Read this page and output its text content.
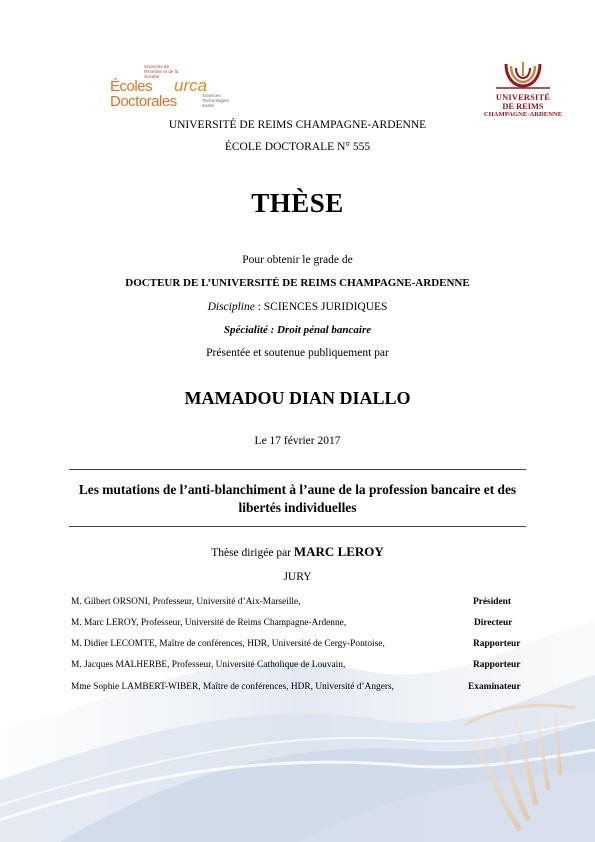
Sciences de l'Homme et de la Société
Écoles
Doctorales
urca
Sciences Technologies Santé
UNIVERSITÉ
DE REIMS
CHAMPAGNE-ARDENNE
UNIVERSITÉ DE REIMS CHAMPAGNE-ARDENNE
ÉCOLE DOCTORALE N° 555
THÈSE
Pour obtenir le grade de
DOCTEUR DE L’UNIVERSITÉ DE REIMS CHAMPAGNE-ARDENNE
Discipline : SCIENCES JURIDIQUES
Spécialité : Droit pénal bancaire
Présentée et soutenue publiquement par
MAMADOU DIAN DIALLO
Le 17 février 2017
Les mutations de l’anti-blanchiment à l’aune de la profession bancaire et des libertés individuelles
Thèse dirigée par MARC LEROY
JURY
M. Gilbert ORSONI, Professeur, Université d’Aix-Marseille,	Président
M. Marc LEROY, Professeur, Université de Reims Champagne-Ardenne,	Directeur
M. Didier LECOMTE, Maître de conférences, HDR, Université de Cergy-Pontoise,	Rapporteur
M. Jacques MALHERBE, Professeur, Université Catholique de Louvain,	Rapporteur
Mme Sophie LAMBERT-WIBER, Maître de conférences, HDR, Université d’Angers,	Examinateur
